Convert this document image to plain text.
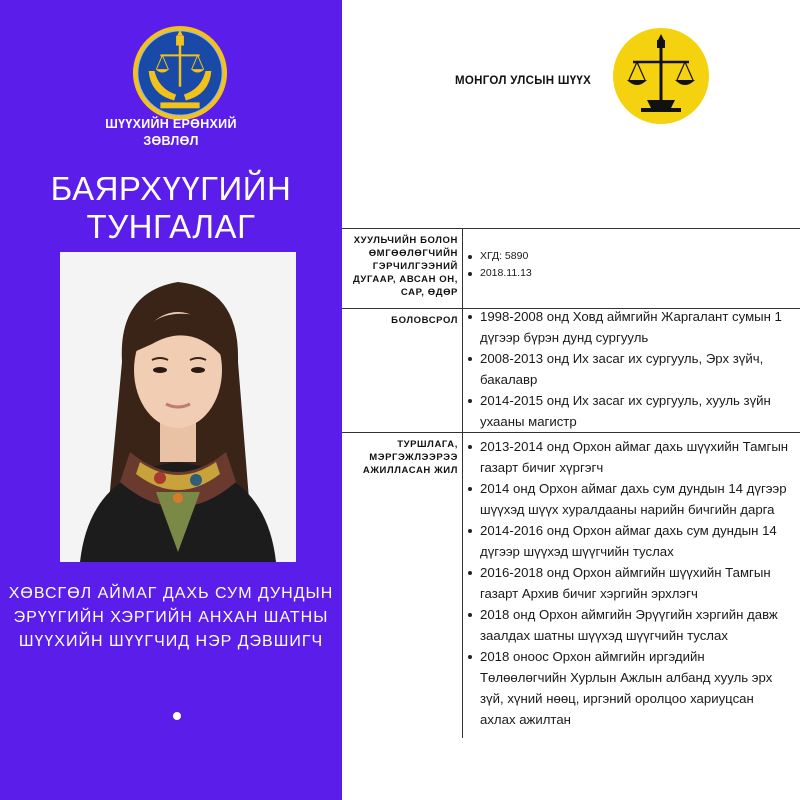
ШҮҮХИЙН ЕРӨНХИЙ
ЗӨВЛӨЛ
БАЯРХҮҮГИЙН
ТУНГАЛАГ
ХӨВСГӨЛ АЙМАГ ДАХЬ СУМ ДУНДЫН
ЭРҮҮГИЙН ХЭРГИЙН АНХАН ШАТНЫ
ШҮҮХИЙН ШҮҮГЧИД НЭР ДЭВШИГЧ
МОНГОЛ УЛСЫН ШҮҮХ
ХУУЛЬЧИЙН БОЛОН
ӨМГӨӨЛӨГЧИЙН
ГЭРЧИЛГЭЭНИЙ
ДУГААР, АВСАН ОН,
САР, ӨДӨР
ХГД: 5890
2018.11.13
БОЛОВСРОЛ	1998-2008 онд Ховд аймгийн Жаргалант сумын 1 дүгээр бүрэн дунд сургууль
2008-2013 онд Их засаг их сургууль, Эрх зүйч, бакалавр
2014-2015 онд Их засаг их сургууль, хууль зүйн ухааны магистр
ТУРШЛАГА,
МЭРГЭЖЛЭЭРЭЭ
АЖИЛЛАСАН ЖИЛ
2013-2014 онд Орхон аймаг дахь шүүхийн Тамгын газарт бичиг хүргэгч
2014 онд Орхон аймаг дахь сум дундын 14 дүгээр шүүхэд шүүх хуралдааны нарийн бичгийн дарга
2014-2016 онд Орхон аймаг дахь сум дундын 14 дүгээр шүүхэд шүүгчийн туслах
2016-2018 онд Орхон аймгийн шүүхийн Тамгын газарт Архив бичиг хэргийн эрхлэгч
2018 онд Орхон аймгийн Эрүүгийн хэргийн давж заалдах шатны шүүхэд шүүгчийн туслах
2018 оноос Орхон аймгийн иргэдийн Төлөөлөгчийн Хурлын Ажлын албанд хууль эрх зүй, хүний нөөц, иргэний оролцоо хариуцсан ахлах ажилтан
